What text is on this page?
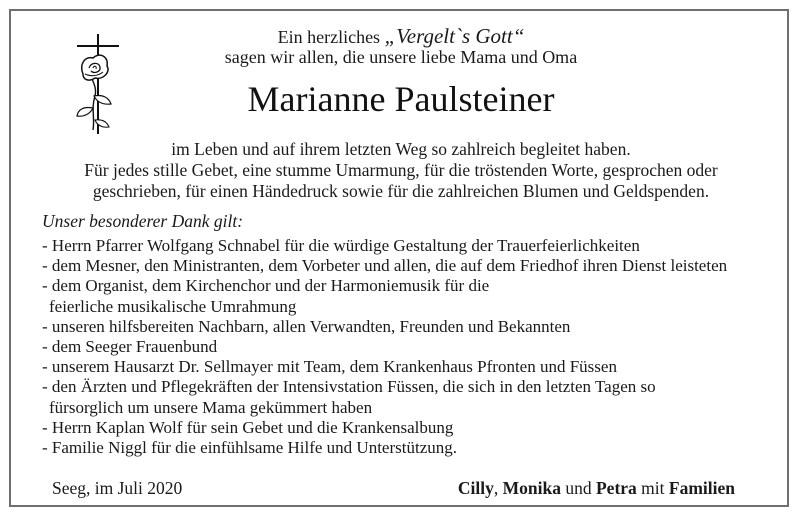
Ein herzliches „Vergelt`s Gott“
sagen wir allen, die unsere liebe Mama und Oma
Marianne Paulsteiner
im Leben und auf ihrem letzten Weg so zahlreich begleitet haben.
Für jedes stille Gebet, eine stumme Umarmung, für die tröstenden Worte, gesprochen oder
geschrieben, für einen Händedruck sowie für die zahlreichen Blumen und Geldspenden.
Unser besonderer Dank gilt:
- Herrn Pfarrer Wolfgang Schnabel für die würdige Gestaltung der Trauerfeierlichkeiten
- dem Mesner, den Ministranten, dem Vorbeter und allen, die auf dem Friedhof ihren Dienst leisteten
- dem Organist, dem Kirchenchor und der Harmoniemusik für die
feierliche musikalische Umrahmung
- unseren hilfsbereiten Nachbarn, allen Verwandten, Freunden und Bekannten
- dem Seeger Frauenbund
- unserem Hausarzt Dr. Sellmayer mit Team, dem Krankenhaus Pfronten und Füssen
- den Ärzten und Pflegekräften der Intensivstation Füssen, die sich in den letzten Tagen so
fürsorglich um unsere Mama gekümmert haben
- Herrn Kaplan Wolf für sein Gebet und die Krankensalbung
- Familie Niggl für die einfühlsame Hilfe und Unterstützung.
Seeg, im Juli 2020	Cilly, Monika und Petra mit Familien
